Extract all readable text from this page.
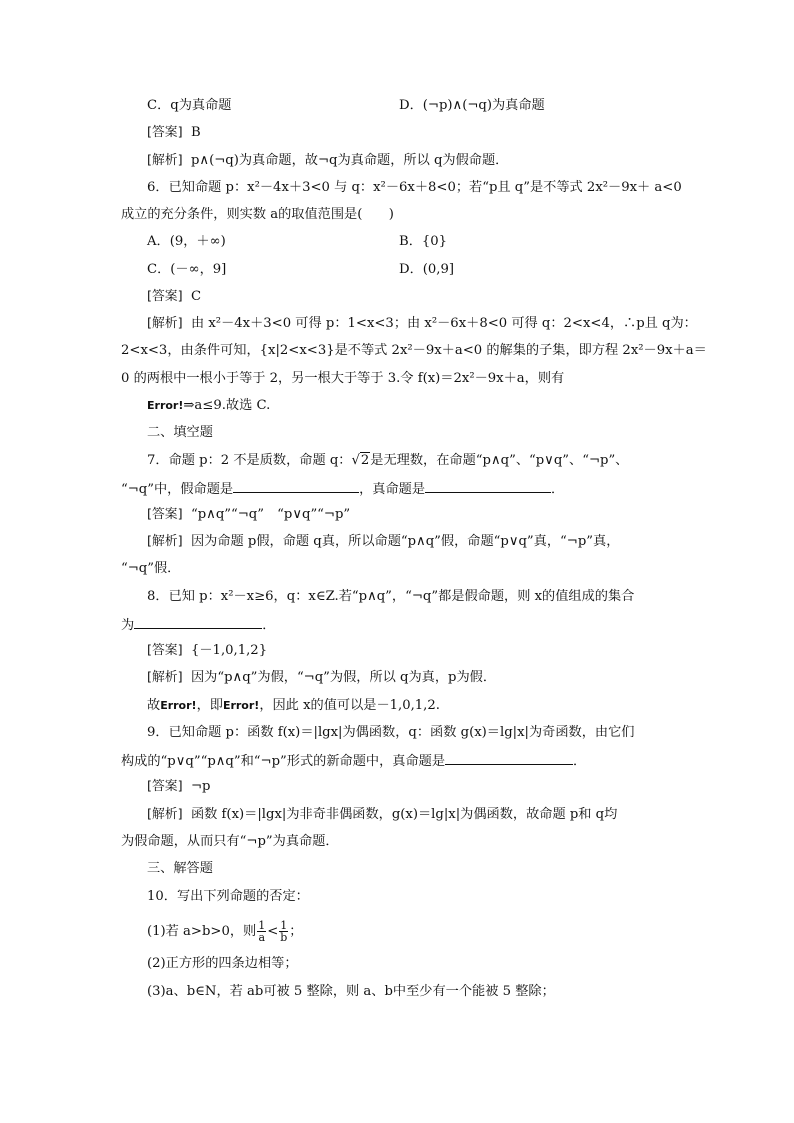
C．q为真命题	D．(¬p)∧(¬q)为真命题
[答案] B
[解析] p∧(¬q)为真命题，故¬q为真命题，所以 q为假命题．
6．已知命题 p：x²－4x＋3<0 与 q：x²－6x＋8<0；若“p且 q”是不等式 2x²－9x＋ a<0
成立的充分条件，则实数 a的取值范围是(　　)
A．(9，＋∞)	B．{0}
C．(－∞，9]	D．(0,9]
[答案] C
[解析] 由 x²－4x＋3<0 可得 p：1<x<3；由 x²－6x＋8<0 可得 q：2<x<4，∴p且 q为：
2<x<3，由条件可知，{x|2<x<3}是不等式 2x²－9x＋a<0 的解集的子集，即方程 2x²－9x＋a＝
0 的两根中一根小于等于 2，另一根大于等于 3.令 f(x)＝2x²－9x＋a，则有
Error!⇒a≤9.故选 C.
二、填空题
7．命题 p：2 不是质数，命题 q：√2是无理数，在命题“p∧q”、“p∨q”、“¬p”、
“¬q”中，假命题是	，真命题是	．
[答案] “p∧q”“¬q”　“p∨q”“¬p”
[解析] 因为命题 p假，命题 q真，所以命题“p∧q”假，命题“p∨q”真，“¬p”真，
“¬q”假．
8．已知 p：x²－x≥6，q：x∈Z.若“p∧q”，“¬q”都是假命题，则 x的值组成的集合
为	．
[答案] {－1,0,1,2}
[解析] 因为“p∧q”为假，“¬q”为假，所以 q为真，p为假．
故Error!，即Error!，因此 x的值可以是－1,0,1,2.
9．已知命题 p：函数 f(x)＝|lgx|为偶函数，q：函数 g(x)＝lg|x|为奇函数，由它们
构成的“p∨q”“p∧q”和“¬p”形式的新命题中，真命题是	．
[答案] ¬p
[解析] 函数 f(x)＝|lgx|为非奇非偶函数，g(x)＝lg|x|为偶函数，故命题 p和 q均
为假命题，从而只有“¬p”为真命题．
三、解答题
10．写出下列命题的否定：
(1)若 a>b>0，则 $\frac{1}{a} < \frac{1}{b}$ ；
(2)正方形的四条边相等；
(3)a、b∈N，若 ab可被 5 整除，则 a、b中至少有一个能被 5 整除；
